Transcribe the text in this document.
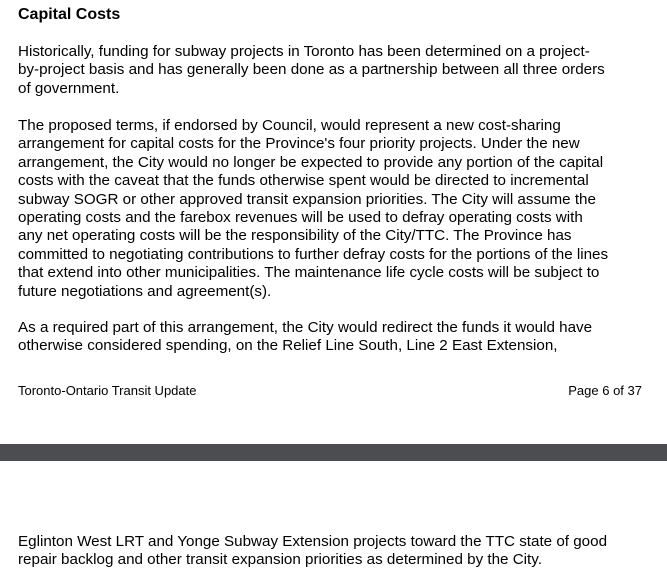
Capital Costs

Historically, funding for subway projects in Toronto has been determined on a project-
by-project basis and has generally been done as a partnership between all three orders
of government.

The proposed terms, if endorsed by Council, would represent a new cost-sharing
arrangement for capital costs for the Province's four priority projects. Under the new
arrangement, the City would no longer be expected to provide any portion of the capital
costs with the caveat that the funds otherwise spent would be directed to incremental
subway SOGR or other approved transit expansion priorities. The City will assume the
operating costs and the farebox revenues will be used to defray operating costs with
any net operating costs will be the responsibility of the City/TTC. The Province has
committed to negotiating contributions to further defray costs for the portions of the lines
that extend into other municipalities. The maintenance life cycle costs will be subject to
future negotiations and agreement(s).

As a required part of this arrangement, the City would redirect the funds it would have
otherwise considered spending, on the Relief Line South, Line 2 East Extension,

Toronto-Ontario Transit Update	Page 6 of 37

Eglinton West LRT and Yonge Subway Extension projects toward the TTC state of good
repair backlog and other transit expansion priorities as determined by the City.
